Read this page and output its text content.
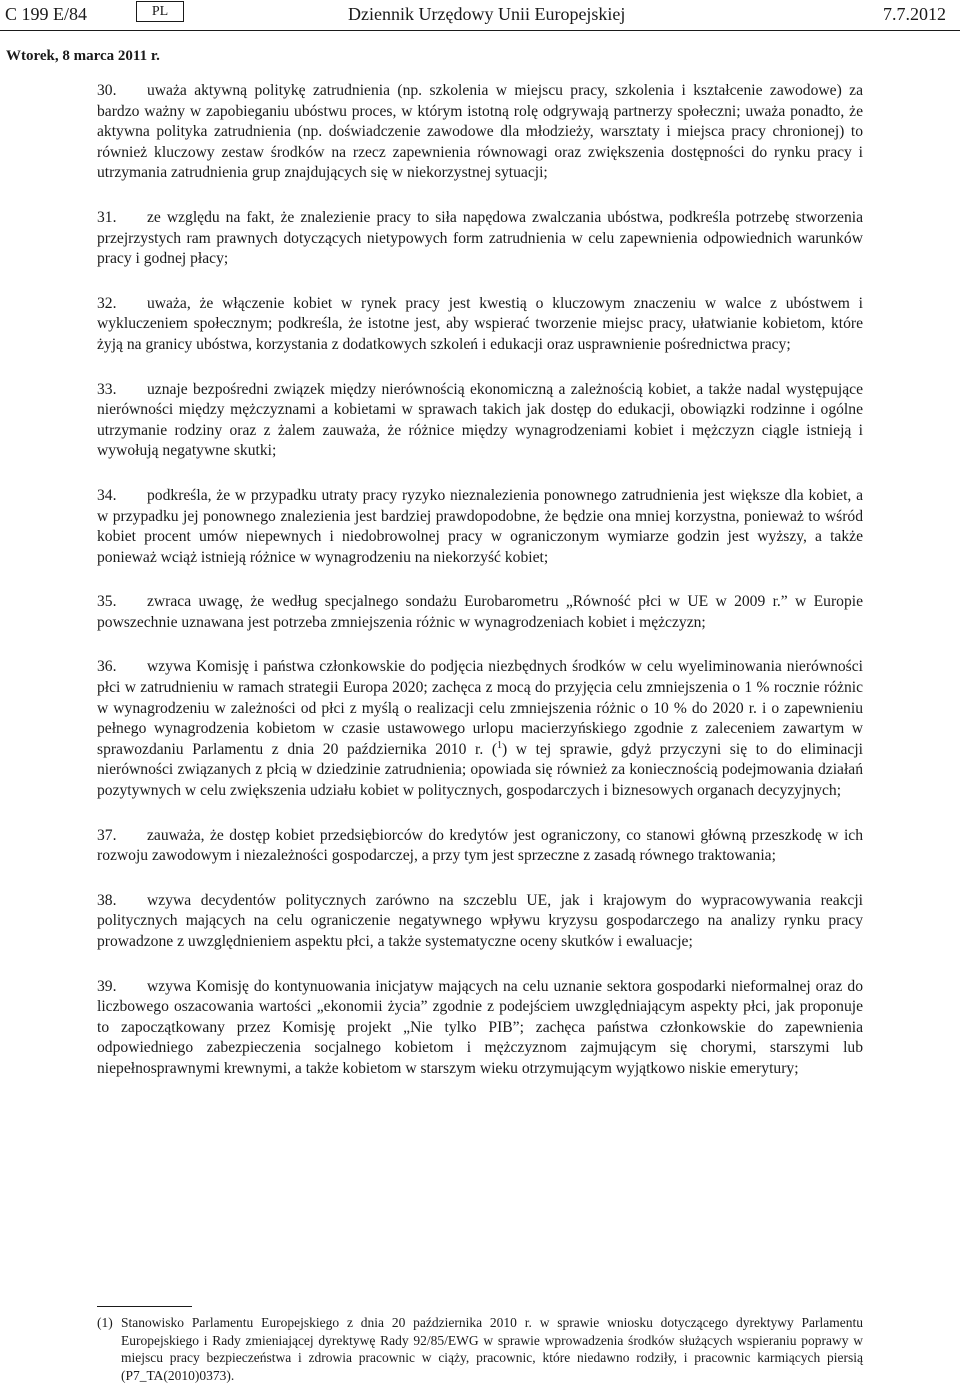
C 199 E/84	PL	Dziennik Urzędowy Unii Europejskiej	7.7.2012
Wtorek, 8 marca 2011 r.

30. uważa aktywną politykę zatrudnienia (np. szkolenia w miejscu pracy, szkolenia i kształcenie zawodowe) za bardzo ważny w zapobieganiu ubóstwu proces, w którym istotną rolę odgrywają partnerzy społeczni; uważa ponadto, że aktywna polityka zatrudnienia (np. doświadczenie zawodowe dla młodzieży, warsztaty i miejsca pracy chronionej) to również kluczowy zestaw środków na rzecz zapewnienia równowagi oraz zwiększenia dostępności do rynku pracy i utrzymania zatrudnienia grup znajdujących się w niekorzystnej sytuacji;

31. ze względu na fakt, że znalezienie pracy to siła napędowa zwalczania ubóstwa, podkreśla potrzebę stworzenia przejrzystych ram prawnych dotyczących nietypowych form zatrudnienia w celu zapewnienia odpowiednich warunków pracy i godnej płacy;

32. uważa, że włączenie kobiet w rynek pracy jest kwestią o kluczowym znaczeniu w walce z ubóstwem i wykluczeniem społecznym; podkreśla, że istotne jest, aby wspierać tworzenie miejsc pracy, ułatwianie kobietom, które żyją na granicy ubóstwa, korzystania z dodatkowych szkoleń i edukacji oraz usprawnienie pośrednictwa pracy;

33. uznaje bezpośredni związek między nierównością ekonomiczną a zależnością kobiet, a także nadal występujące nierówności między mężczyznami a kobietami w sprawach takich jak dostęp do edukacji, obowiązki rodzinne i ogólne utrzymanie rodziny oraz z żalem zauważa, że różnice między wynagrodzeniami kobiet i mężczyzn ciągle istnieją i wywołują negatywne skutki;

34. podkreśla, że w przypadku utraty pracy ryzyko nieznalezienia ponownego zatrudnienia jest większe dla kobiet, a w przypadku jej ponownego znalezienia jest bardziej prawdopodobne, że będzie ona mniej korzystna, ponieważ to wśród kobiet procent umów niepewnych i niedobrowolnej pracy w ograniczonym wymiarze godzin jest wyższy, a także ponieważ wciąż istnieją różnice w wynagrodzeniu na niekorzyść kobiet;

35. zwraca uwagę, że według specjalnego sondażu Eurobarometru „Równość płci w UE w 2009 r.” w Europie powszechnie uznawana jest potrzeba zmniejszenia różnic w wynagrodzeniach kobiet i mężczyzn;

36. wzywa Komisję i państwa członkowskie do podjęcia niezbędnych środków w celu wyeliminowania nierówności płci w zatrudnieniu w ramach strategii Europa 2020; zachęca z mocą do przyjęcia celu zmniejszenia o 1 % rocznie różnic w wynagrodzeniu w zależności od płci z myślą o realizacji celu zmniejszenia różnic o 10 % do 2020 r. i o zapewnieniu pełnego wynagrodzenia kobietom w czasie ustawowego urlopu macierzyńskiego zgodnie z zaleceniem zawartym w sprawozdaniu Parlamentu z dnia 20 października 2010 r. ($^1$) w tej sprawie, gdyż przyczyni się to do eliminacji nierówności związanych z płcią w dziedzinie zatrudnienia; opowiada się również za koniecznością podejmowania działań pozytywnych w celu zwiększenia udziału kobiet w politycznych, gospodarczych i biznesowych organach decyzyjnych;

37. zauważa, że dostęp kobiet przedsiębiorców do kredytów jest ograniczony, co stanowi główną przeszkodę w ich rozwoju zawodowym i niezależności gospodarczej, a przy tym jest sprzeczne z zasadą równego traktowania;

38. wzywa decydentów politycznych zarówno na szczeblu UE, jak i krajowym do wypracowywania reakcji politycznych mających na celu ograniczenie negatywnego wpływu kryzysu gospodarczego na analizy rynku pracy prowadzone z uwzględnieniem aspektu płci, a także systematyczne oceny skutków i ewaluacje;

39. wzywa Komisję do kontynuowania inicjatyw mających na celu uznanie sektora gospodarki nieformalnej oraz do liczbowego oszacowania wartości „ekonomii życia” zgodnie z podejściem uwzględniającym aspekty płci, jak proponuje to zapoczątkowany przez Komisję projekt „Nie tylko PIB”; zachęca państwa członkowskie do zapewnienia odpowiedniego zabezpieczenia socjalnego kobietom i mężczyznom zajmującym się chorymi, starszymi lub niepełnosprawnymi krewnymi, a także kobietom w starszym wieku otrzymującym wyjątkowo niskie emerytury;

(1) Stanowisko Parlamentu Europejskiego z dnia 20 października 2010 r. w sprawie wniosku dotyczącego dyrektywy Parlamentu Europejskiego i Rady zmieniającej dyrektywę Rady 92/85/EWG w sprawie wprowadzenia środków służących wspieraniu poprawy w miejscu pracy bezpieczeństwa i zdrowia pracownic w ciąży, pracownic, które niedawno rodziły, i pracownic karmiących piersią (P7_TA(2010)0373).
